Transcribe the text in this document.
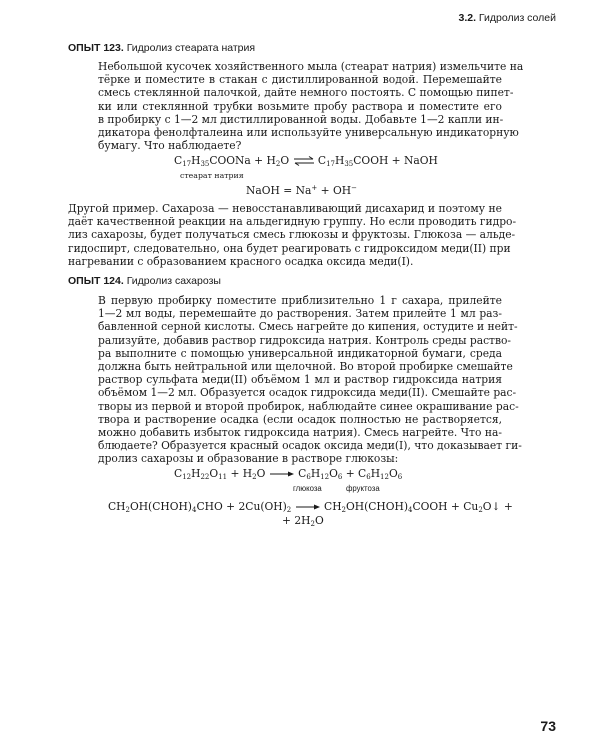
3.2. Гидролиз солей
ОПЫТ 123. Гидролиз стеарата натрия
Небольшой кусочек хозяйственного мыла (стеарат натрия) измельчите на
тёрке и поместите в стакан с дистиллированной водой. Перемешайте
смесь стеклянной палочкой, дайте немного постоять. С помощью пипет-
ки или стеклянной трубки возьмите пробу раствора и поместите его
в пробирку с 1—2 мл дистиллированной воды. Добавьте 1—2 капли ин-
дикатора фенолфталеина или используйте универсальную индикаторную
бумагу. Что наблюдаете?
$C_{17}H_{35}COONa + H_2O$ ⇌ $C_{17}H_{35}COOH$ + NaOH
стеарат натрия
NaOH = Na+ + OH−
Другой пример. Сахароза — невосстанавливающий дисахарид и поэтому не
даёт качественной реакции на альдегидную группу. Но если проводить гидро-
лиз сахарозы, будет получаться смесь глюкозы и фруктозы. Глюкоза — альде-
гидоспирт, следовательно, она будет реагировать с гидроксидом меди(II) при
нагревании с образованием красного осадка оксида меди(I).
ОПЫТ 124. Гидролиз сахарозы
В первую пробирку поместите приблизительно 1 г сахара, прилейте
1—2 мл воды, перемешайте до растворения. Затем прилейте 1 мл раз-
бавленной серной кислоты. Смесь нагрейте до кипения, остудите и нейт-
рализуйте, добавив раствор гидроксида натрия. Контроль среды раство-
ра выполните с помощью универсальной индикаторной бумаги, среда
должна быть нейтральной или щелочной. Во второй пробирке смешайте
раствор сульфата меди(II) объёмом 1 мл и раствор гидроксида натрия
объёмом 1—2 мл. Образуется осадок гидроксида меди(II). Смешайте рас-
творы из первой и второй пробирок, наблюдайте синее окрашивание рас-
твора и растворение осадка (если осадок полностью не растворяется,
можно добавить избыток гидроксида натрия). Смесь нагрейте. Что на-
блюдаете? Образуется красный осадок оксида меди(I), что доказывает ги-
дролиз сахарозы и образование в растворе глюкозы:
$C_{12}H_{22}O_{11} + H_2O \to C_6H_{12}O_6 + C_6H_{12}O_6$
глюкоза	фруктоза
$CH_2OH(CHOH)_4CHO + 2Cu(OH)_2$ → $CH_2OH(CHOH)_4COOH$ + $Cu_2O↓$ +
+ $2H_2O$
73
